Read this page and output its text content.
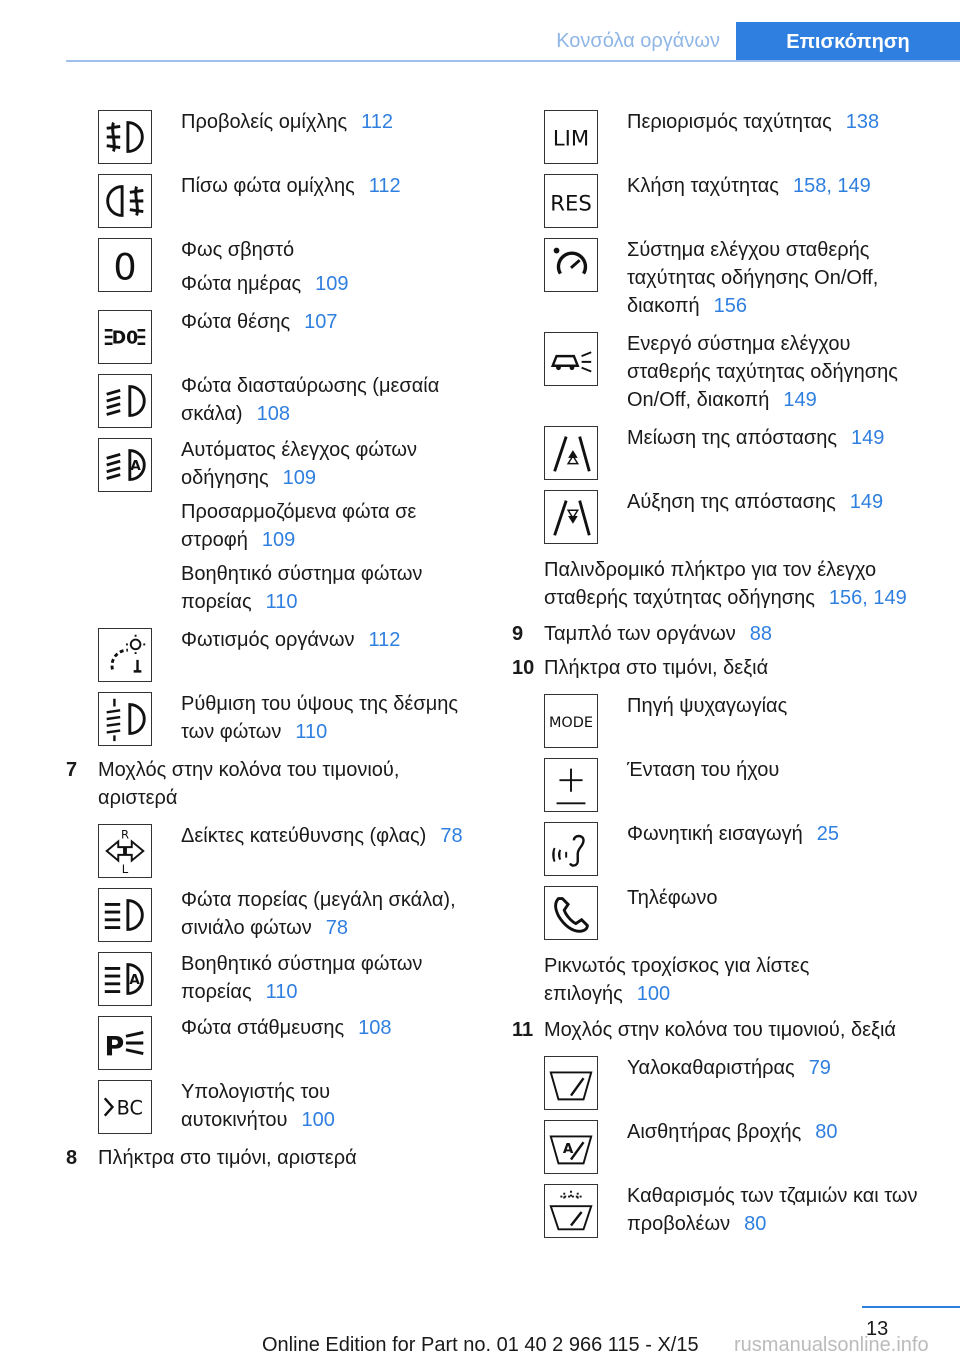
Κονσόλα οργάνων	Επισκόπηση

Προβολείς ομίχλης 112

Πίσω φώτα ομίχλης 112

0 Φως σβηστό

Φώτα ημέρας 109

D0

Φώτα θέσης 107

Φώτα διασταύρωσης (μεσαία σκάλα) 108

A

Αυτόματος έλεγχος φώτων οδήγησης 109

Προσαρμοζόμενα φώτα σε στροφή 109

Βοηθητικό σύστημα φώτων πορείας 110

Φωτισμός οργάνων 112

Ρύθμιση του ύψους της δέσμης των φώτων 110

7 Μοχλός στην κολόνα του τιμονιού, αριστερά
R
L

Δείκτες κατεύθυνσης (φλας) 78

Φώτα πορείας (μεγάλη σκάλα), σινιάλο φώτων 78

A

Βοηθητικό σύστημα φώτων πορείας 110

P

Φώτα στάθμευσης 108

BC

Υπολογιστής του αυτοκινήτου 100

8 Πλήκτρα στο τιμόνι, αριστερά
LIM

Περιορισμός ταχύτητας 138

RES

Κλήση ταχύτητας 158, 149

Σύστημα ελέγχου σταθερής ταχύτητας οδήγησης On/Off, διακοπή 156

Ενεργό σύστημα ελέγχου σταθερής ταχύτητας οδήγησης On/Off, διακοπή 149

Μείωση της απόστασης 149

Αύξηση της απόστασης 149

Παλινδρομικό πλήκτρο για τον έλεγχο σταθερής ταχύτητας οδήγησης 156, 149
9 Ταμπλό των οργάνων 88
10 Πλήκτρα στο τιμόνι, δεξιά
MODE

Πηγή ψυχαγωγίας

Ένταση του ήχου

Φωνητική εισαγωγή 25

Τηλέφωνο

Ρικνωτός τροχίσκος για λίστες επιλογής 100
11 Μοχλός στην κολόνα του τιμονιού, δεξιά

Υαλοκαθαριστήρας 79

A

Αισθητήρας βροχής 80

Καθαρισμός των τζαμιών και των προβολέων 80

13
Online Edition for Part no. 01 40 2 966 115 - X/15 rusmanualsonline.info
